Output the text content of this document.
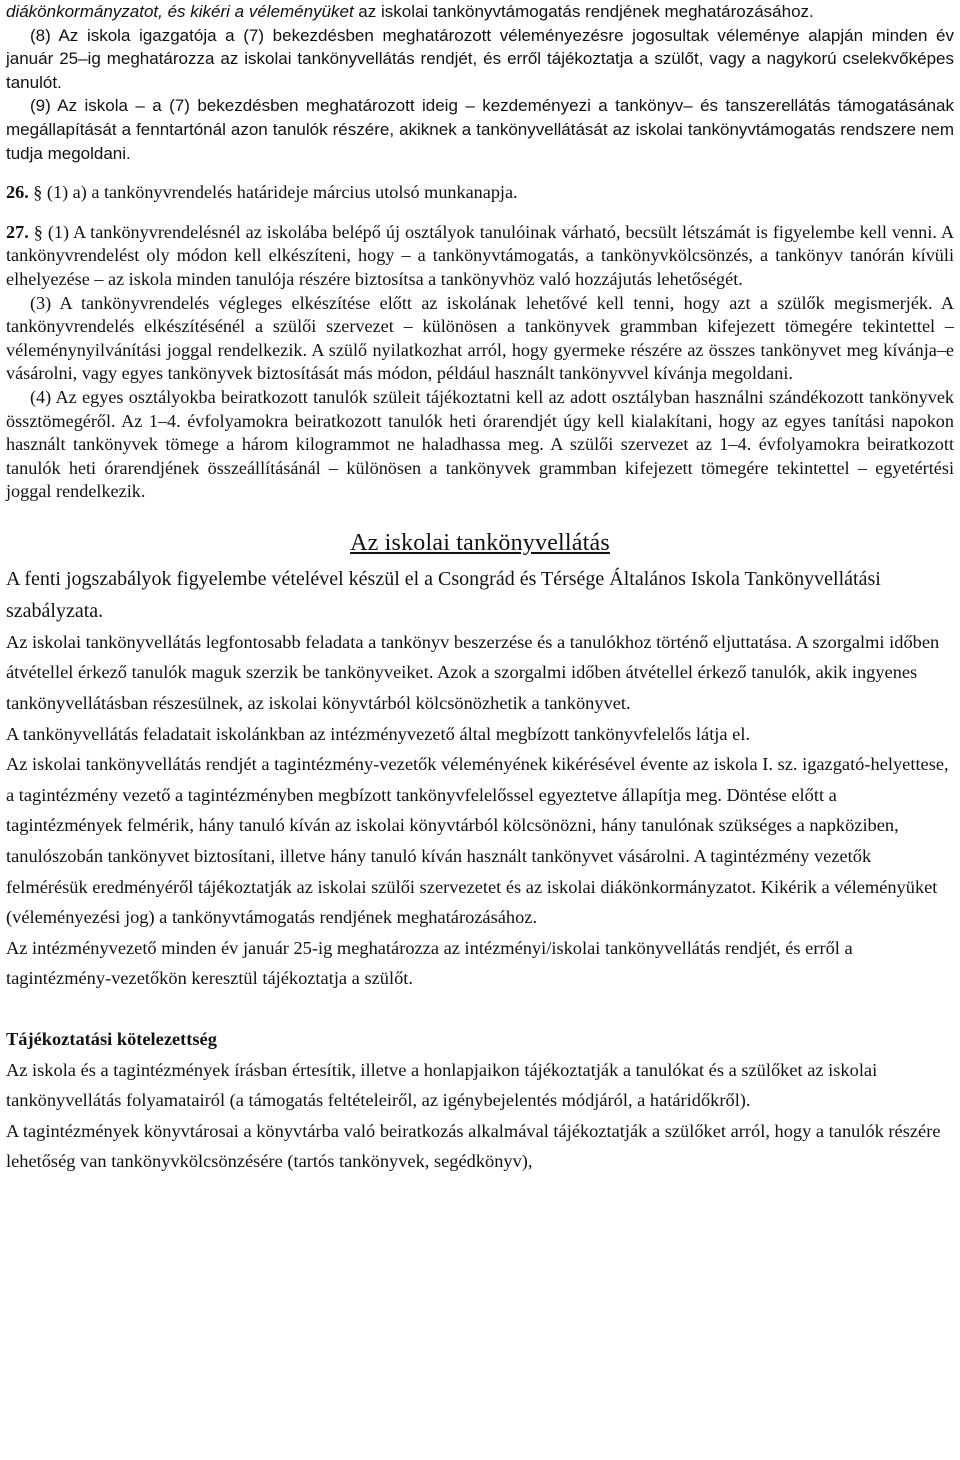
diákönkormányzatot, és kikéri a véleményüket az iskolai tankönyvtámogatás rendjének meghatározásához.

(8) Az iskola igazgatója a (7) bekezdésben meghatározott véleményezésre jogosultak véleménye alapján minden év január 25–ig meghatározza az iskolai tankönyvellátás rendjét, és erről tájékoztatja a szülőt, vagy a nagykorú cselekvőképes tanulót.

(9) Az iskola – a (7) bekezdésben meghatározott ideig – kezdeményezi a tankönyv– és tanszerellátás támogatásának megállapítását a fenntartónál azon tanulók részére, akiknek a tankönyvellátását az iskolai tankönyvtámogatás rendszere nem tudja megoldani.

26. § (1) a) a tankönyvrendelés határideje március utolsó munkanapja.

27. § (1) A tankönyvrendelésnél az iskolába belépő új osztályok tanulóinak várható, becsült létszámát is figyelembe kell venni. A tankönyvrendelést oly módon kell elkészíteni, hogy – a tankönyvtámogatás, a tankönyvkölcsönzés, a tankönyv tanórán kívüli elhelyezése – az iskola minden tanulója részére biztosítsa a tankönyvhöz való hozzájutás lehetőségét.

(3) A tankönyvrendelés végleges elkészítése előtt az iskolának lehetővé kell tenni, hogy azt a szülők megismerjék. A tankönyvrendelés elkészítésénél a szülői szervezet – különösen a tankönyvek grammban kifejezett tömegére tekintettel – véleménynyilvánítási joggal rendelkezik. A szülő nyilatkozhat arról, hogy gyermeke részére az összes tankönyvet meg kívánja–e vásárolni, vagy egyes tankönyvek biztosítását más módon, például használt tankönyvvel kívánja megoldani.

(4) Az egyes osztályokba beiratkozott tanulók szüleit tájékoztatni kell az adott osztályban használni szándékozott tankönyvek össztömegéről. Az 1–4. évfolyamokra beiratkozott tanulók heti órarendjét úgy kell kialakítani, hogy az egyes tanítási napokon használt tankönyvek tömege a három kilogrammot ne haladhassa meg. A szülői szervezet az 1–4. évfolyamokra beiratkozott tanulók heti órarendjének összeállításánál – különösen a tankönyvek grammban kifejezett tömegére tekintettel – egyetértési joggal rendelkezik.

Az iskolai tankönyvellátás

A fenti jogszabályok figyelembe vételével készül el a Csongrád és Térsége Általános Iskola Tankönyvellátási szabályzata.

Az iskolai tankönyvellátás legfontosabb feladata a tankönyv beszerzése és a tanulókhoz történő eljuttatása. A szorgalmi időben átvétellel érkező tanulók maguk szerzik be tankönyveiket. Azok a szorgalmi időben átvétellel érkező tanulók, akik ingyenes tankönyvellátásban részesülnek, az iskolai könyvtárból kölcsönözhetik a tankönyvet.

A tankönyvellátás feladatait iskolánkban az intézményvezető által megbízott tankönyvfelelős látja el.

Az iskolai tankönyvellátás rendjét a tagintézmény-vezetők véleményének kikérésével évente az iskola I. sz. igazgató-helyettese, a tagintézmény vezető a tagintézményben megbízott tankönyvfelelőssel egyeztetve állapítja meg. Döntése előtt a tagintézmények felmérik, hány tanuló kíván az iskolai könyvtárból kölcsönözni, hány tanulónak szükséges a napköziben, tanulószobán tankönyvet biztosítani, illetve hány tanuló kíván használt tankönyvet vásárolni. A tagintézmény vezetők felmérésük eredményéről tájékoztatják az iskolai szülői szervezetet és az iskolai diákönkormányzatot. Kikérik a véleményüket (véleményezési jog) a tankönyvtámogatás rendjének meghatározásához.

Az intézményvezető minden év január 25-ig meghatározza az intézményi/iskolai tankönyvellátás rendjét, és erről a tagintézmény-vezetőkön keresztül tájékoztatja a szülőt.

Tájékoztatási kötelezettség

Az iskola és a tagintézmények írásban értesítik, illetve a honlapjaikon tájékoztatják a tanulókat és a szülőket az iskolai tankönyvellátás folyamatairól (a támogatás feltételeiről, az igénybejelentés módjáról, a határidőkről).

A tagintézmények könyvtárosai a könyvtárba való beiratkozás alkalmával tájékoztatják a szülőket arról, hogy a tanulók részére lehetőség van tankönyvkölcsönzésére (tartós tankönyvek, segédkönyv),
